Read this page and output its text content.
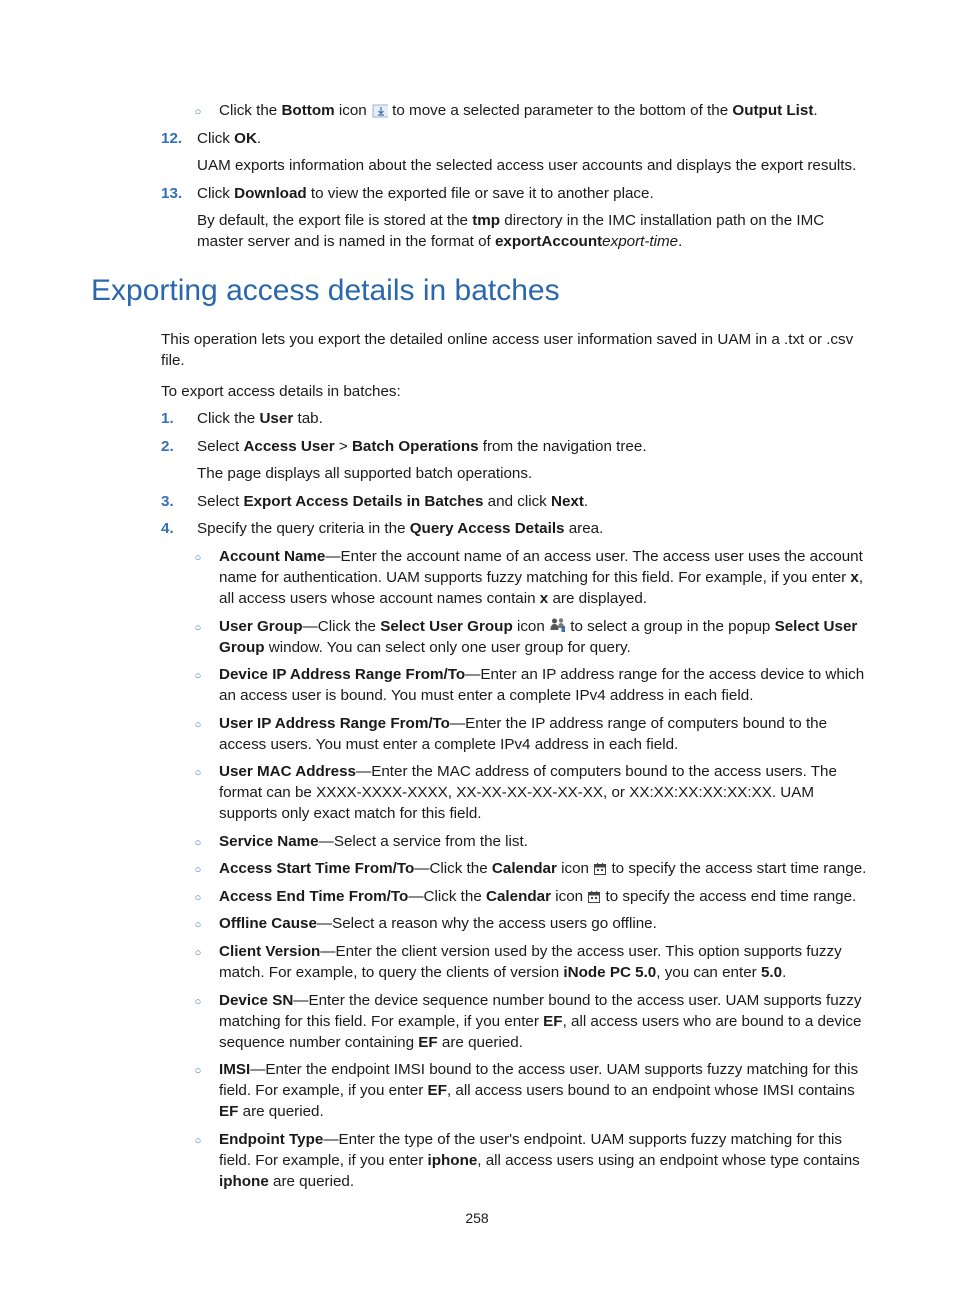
○ Click the Bottom icon  to move a selected parameter to the bottom of the Output List.
12. Click OK.
UAM exports information about the selected access user accounts and displays the export results.
13. Click Download to view the exported file or save it to another place.
By default, the export file is stored at the tmp directory in the IMC installation path on the IMC master server and is named in the format of exportAccountexport-time.
Exporting access details in batches
This operation lets you export the detailed online access user information saved in UAM in a .txt or .csv file.
To export access details in batches:
1. Click the User tab.
2. Select Access User > Batch Operations from the navigation tree.
The page displays all supported batch operations.
3. Select Export Access Details in Batches and click Next.
4. Specify the query criteria in the Query Access Details area.
○ Account Name—Enter the account name of an access user. The access user uses the account name for authentication. UAM supports fuzzy matching for this field. For example, if you enter x, all access users whose account names contain x are displayed.
○ User Group—Click the Select User Group icon  to select a group in the popup Select User Group window. You can select only one user group for query.
○ Device IP Address Range From/To—Enter an IP address range for the access device to which an access user is bound. You must enter a complete IPv4 address in each field.
○ User IP Address Range From/To—Enter the IP address range of computers bound to the access users. You must enter a complete IPv4 address in each field.
○ User MAC Address—Enter the MAC address of computers bound to the access users. The format can be XXXX-XXXX-XXXX, XX-XX-XX-XX-XX-XX, or XX:XX:XX:XX:XX:XX. UAM supports only exact match for this field.
○ Service Name—Select a service from the list.
○ Access Start Time From/To—Click the Calendar icon  to specify the access start time range.
○ Access End Time From/To—Click the Calendar icon  to specify the access end time range.
○ Offline Cause—Select a reason why the access users go offline.
○ Client Version—Enter the client version used by the access user. This option supports fuzzy match. For example, to query the clients of version iNode PC 5.0, you can enter 5.0.
○ Device SN—Enter the device sequence number bound to the access user. UAM supports fuzzy matching for this field. For example, if you enter EF, all access users who are bound to a device sequence number containing EF are queried.
○ IMSI—Enter the endpoint IMSI bound to the access user. UAM supports fuzzy matching for this field. For example, if you enter EF, all access users bound to an endpoint whose IMSI contains EF are queried.
○ Endpoint Type—Enter the type of the user's endpoint. UAM supports fuzzy matching for this field. For example, if you enter iphone, all access users using an endpoint whose type contains iphone are queried.
258
